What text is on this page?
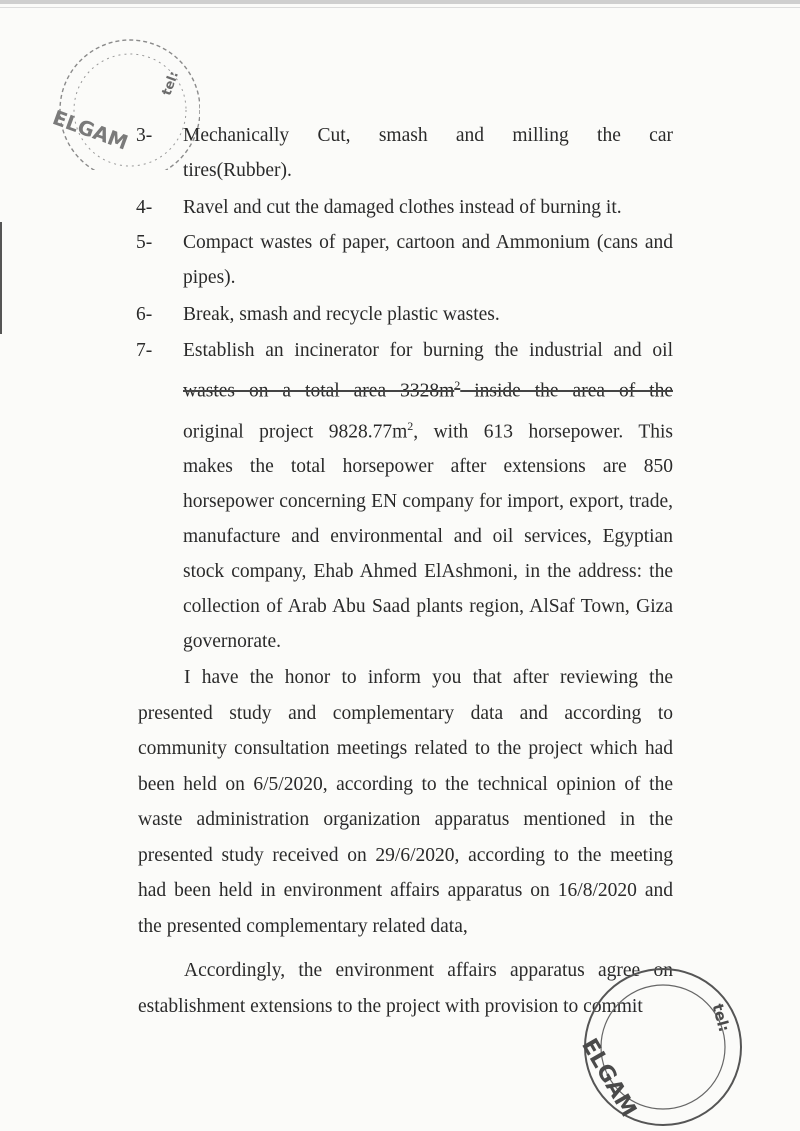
tel:
ELGAM 3-	Mechanically Cut, smash and milling the car
tires(Rubber).
4-	Ravel and cut the damaged clothes instead of burning it.
5-	Compact wastes of paper, cartoon and Ammonium (cans and pipes).
6-	Break, smash and recycle plastic wastes.
7-	Establish an incinerator for burning the industrial and oil
wastes on a total area $3328m^2$ inside the area of the
original project $9828.77m^2$, with 613 horsepower. This
makes the total horsepower after extensions are 850 horsepower concerning EN company for import, export, trade, manufacture and environmental and oil services, Egyptian stock company, Ehab Ahmed ElAshmoni, in the address: the collection of Arab Abu Saad plants region, AlSaf Town, Giza governorate.
I have the honor to inform you that after reviewing the presented study and complementary data and according to community consultation meetings related to the project which had been held on 6/5/2020, according to the technical opinion of the waste administration organization apparatus mentioned in the presented study received on 29/6/2020, according to the meeting had been held in environment affairs apparatus on 16/8/2020 and the presented complementary related data,
Accordingly, the environment affairs apparatus agree on establishment extensions to the project with provision to commit
ELGAM
tel:
